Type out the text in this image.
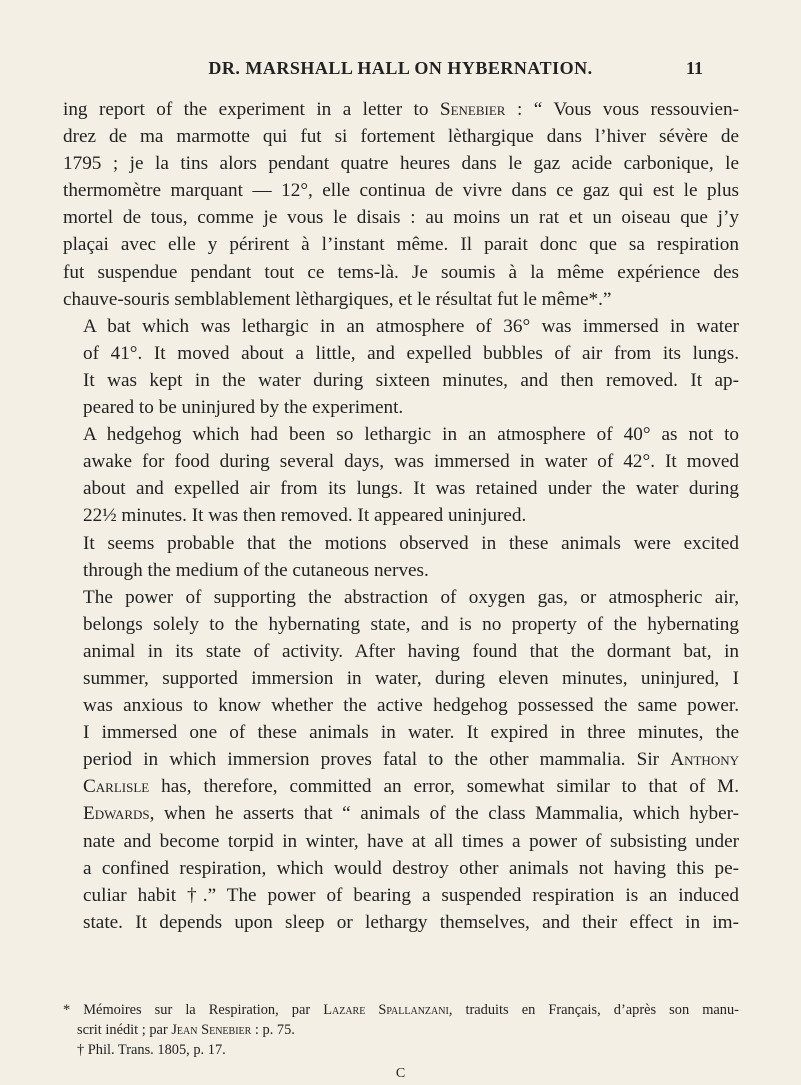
DR. MARSHALL HALL ON HYBERNATION.	11

ing report of the experiment in a letter to Senebier : “ Vous vous ressouvien-
drez de ma marmotte qui fut si fortement lèthargique dans l’hiver sévère de
1795 ; je la tins alors pendant quatre heures dans le gaz acide carbonique, le
thermomètre marquant — 12°, elle continua de vivre dans ce gaz qui est le plus
mortel de tous, comme je vous le disais : au moins un rat et un oiseau que j’y
plaçai avec elle y périrent à l’instant même. Il parait donc que sa respiration
fut suspendue pendant tout ce tems-là. Je soumis à la même expérience des
chauve-souris semblablement lèthargiques, et le résultat fut le même*.”

A bat which was lethargic in an atmosphere of 36° was immersed in water
of 41°. It moved about a little, and expelled bubbles of air from its lungs.
It was kept in the water during sixteen minutes, and then removed. It ap-
peared to be uninjured by the experiment.

A hedgehog which had been so lethargic in an atmosphere of 40° as not to
awake for food during several days, was immersed in water of 42°. It moved
about and expelled air from its lungs. It was retained under the water during
22½ minutes. It was then removed. It appeared uninjured.

It seems probable that the motions observed in these animals were excited
through the medium of the cutaneous nerves.

The power of supporting the abstraction of oxygen gas, or atmospheric air,
belongs solely to the hybernating state, and is no property of the hybernating
animal in its state of activity. After having found that the dormant bat, in
summer, supported immersion in water, during eleven minutes, uninjured, I
was anxious to know whether the active hedgehog possessed the same power.
I immersed one of these animals in water. It expired in three minutes, the
period in which immersion proves fatal to the other mammalia. Sir Anthony
Carlisle has, therefore, committed an error, somewhat similar to that of M.
Edwards, when he asserts that “ animals of the class Mammalia, which hyber-
nate and become torpid in winter, have at all times a power of subsisting under
a confined respiration, which would destroy other animals not having this pe-
culiar habit †.” The power of bearing a suspended respiration is an induced
state. It depends upon sleep or lethargy themselves, and their effect in im-

* Mémoires sur la Respiration, par Lazare Spallanzani, traduits en Français, d’après son manu-
scrit inédit ; par Jean Senebier : p. 75.
† Phil. Trans. 1805, p. 17.
C
